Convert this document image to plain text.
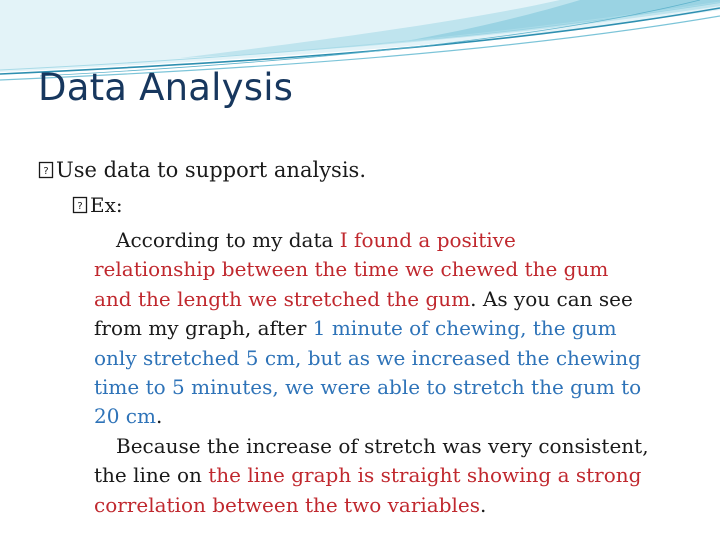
Data Analysis
? Use data to support analysis.
? Ex:

According to my data I found a positive
relationship between the time we chewed the gum
and the length we stretched the gum. As you can see
from my graph, after 1 minute of chewing, the gum
only stretched 5 cm, but as we increased the chewing
time to 5 minutes, we were able to stretch the gum to
20 cm.

Because the increase of stretch was very consistent,
the line on the line graph is straight showing a strong
correlation between the two variables.
